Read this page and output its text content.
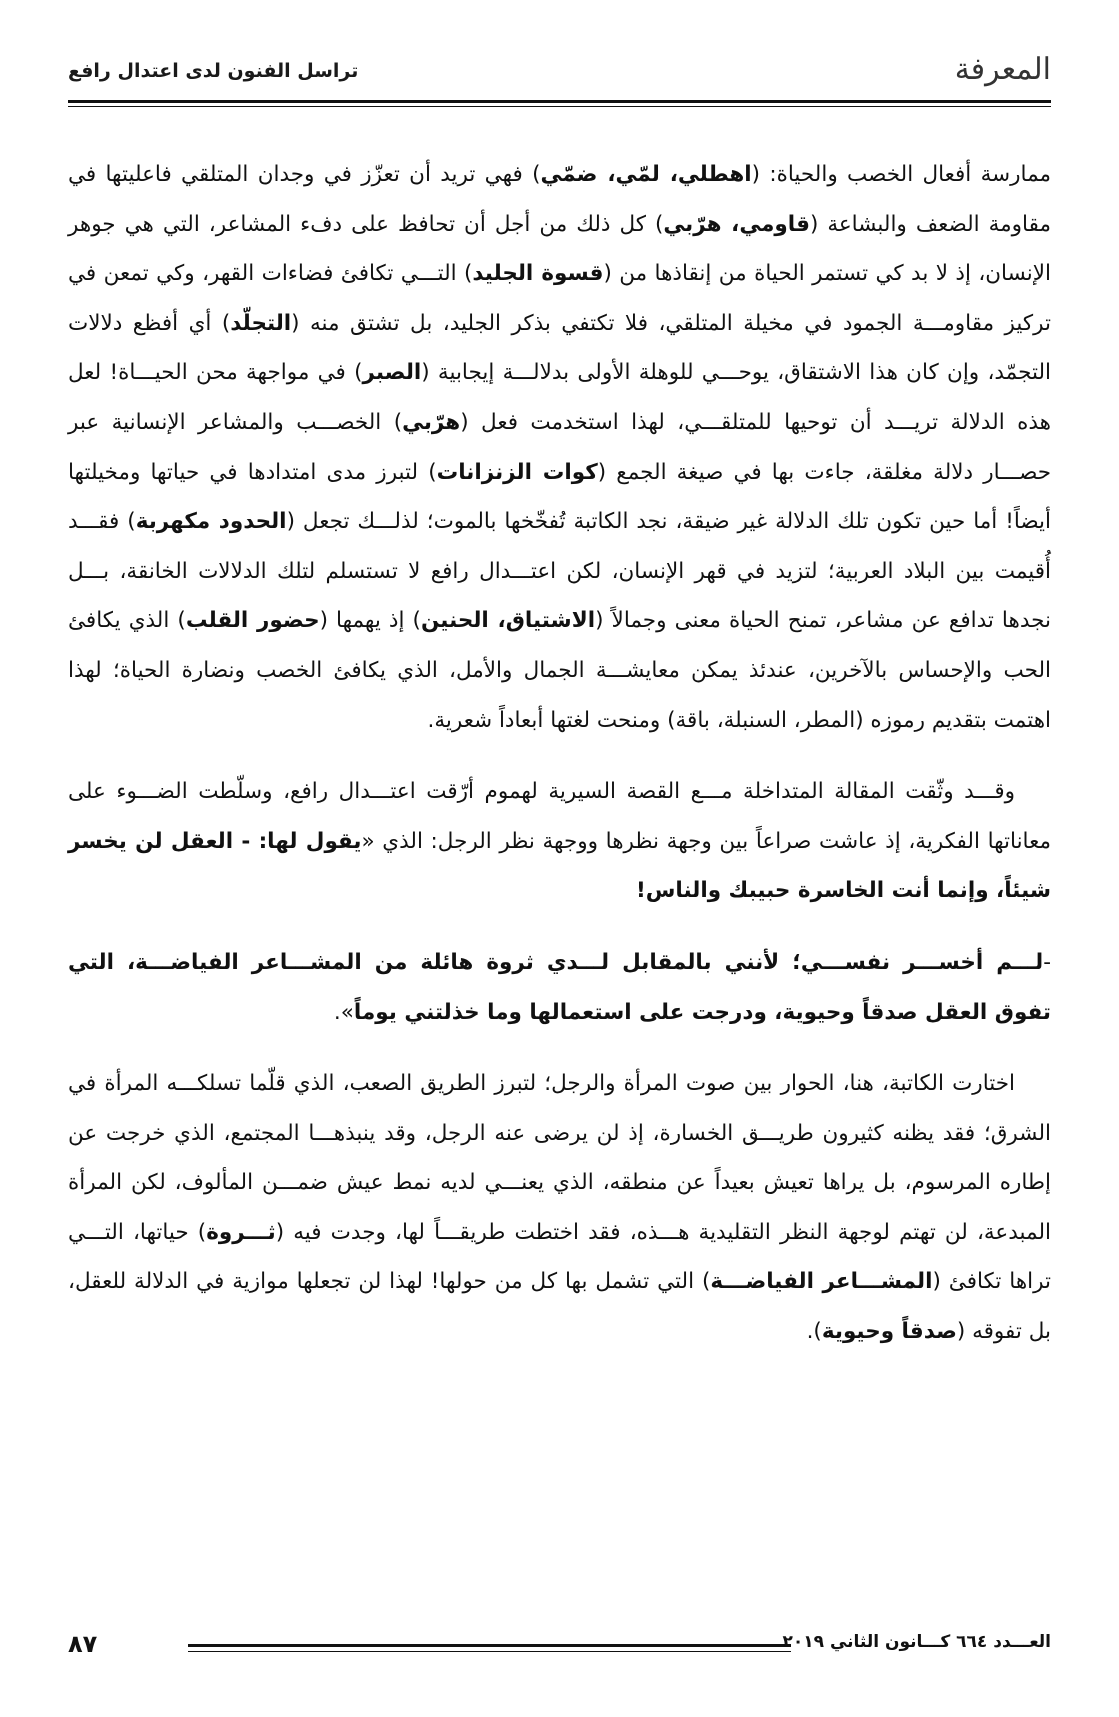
المعرفة
تراسل الفنون لدى اعتدال رافع

ممارسة أفعال الخصب والحياة: (اهطلي، لمّي، ضمّي) فهي تريد أن تعزّز في وجدان المتلقي فاعليتها في مقاومة الضعف والبشاعة (قاومي، هرّبي) كل ذلك من أجل أن تحافظ على دفء المشاعر، التي هي جوهر الإنسان، إذ لا بد كي تستمر الحياة من إنقاذها من (قسوة الجليد) التـــي تكافئ فضاءات القهر، وكي تمعن في تركيز مقاومـــة الجمود في مخيلة المتلقي، فلا تكتفي بذكر الجليد، بل تشتق منه (التجلّد) أي أفظع دلالات التجمّد، وإن كان هذا الاشتقاق، يوحـــي للوهلة الأولى بدلالـــة إيجابية (الصبر) في مواجهة محن الحيـــاة! لعل هذه الدلالة تريـــد أن توحيها للمتلقـــي، لهذا استخدمت فعل (هرّبي) الخصـــب والمشاعر الإنسانية عبر حصـــار دلالة مغلقة، جاءت بها في صيغة الجمع (كوات الزنزانات) لتبرز مدى امتدادها في حياتها ومخيلتها أيضاً! أما حين تكون تلك الدلالة غير ضيقة، نجد الكاتبة تُفخّخها بالموت؛ لذلـــك تجعل (الحدود مكهربة) فقـــد أُقيمت بين البلاد العربية؛ لتزيد في قهر الإنسان، لكن اعتـــدال رافع لا تستسلم لتلك الدلالات الخانقة، بـــل نجدها تدافع عن مشاعر، تمنح الحياة معنى وجمالاً (الاشتياق، الحنين) إذ يهمها (حضور القلب) الذي يكافئ الحب والإحساس بالآخرين، عندئذ يمكن معايشـــة الجمال والأمل، الذي يكافئ الخصب ونضارة الحياة؛ لهذا اهتمت بتقديم رموزه (المطر، السنبلة، باقة) ومنحت لغتها أبعاداً شعرية.

وقـــد وثّقت المقالة المتداخلة مـــع القصة السيرية لهموم أرّقت اعتـــدال رافع، وسلّطت الضـــوء على معاناتها الفكرية، إذ عاشت صراعاً بين وجهة نظرها ووجهة نظر الرجل: الذي «يقول لها: - العقل لن يخسر شيئاً، وإنما أنت الخاسرة حبيبك والناس!

-لـــم أخســـر نفســـي؛ لأنني بالمقابل لـــدي ثروة هائلة من المشـــاعر الفياضـــة، التي تفوق العقل صدقاً وحيوية، ودرجت على استعمالها وما خذلتني يوماً».

اختارت الكاتبة، هنا، الحوار بين صوت المرأة والرجل؛ لتبرز الطريق الصعب، الذي قلّما تسلكـــه المرأة في الشرق؛ فقد يظنه كثيرون طريـــق الخسارة، إذ لن يرضى عنه الرجل، وقد ينبذهـــا المجتمع، الذي خرجت عن إطاره المرسوم، بل يراها تعيش بعيداً عن منطقه، الذي يعنـــي لديه نمط عيش ضمـــن المألوف، لكن المرأة المبدعة، لن تهتم لوجهة النظر التقليدية هـــذه، فقد اختطت طريقـــاً لها، وجدت فيه (ثـــروة) حياتها، التـــي تراها تكافئ (المشـــاعر الفياضـــة) التي تشمل بها كل من حولها! لهذا لن تجعلها موازية في الدلالة للعقل، بل تفوقه (صدقاً وحيوية).

٨٧	العـــدد ٦٦٤ كـــانون الثاني ٢٠١٩
